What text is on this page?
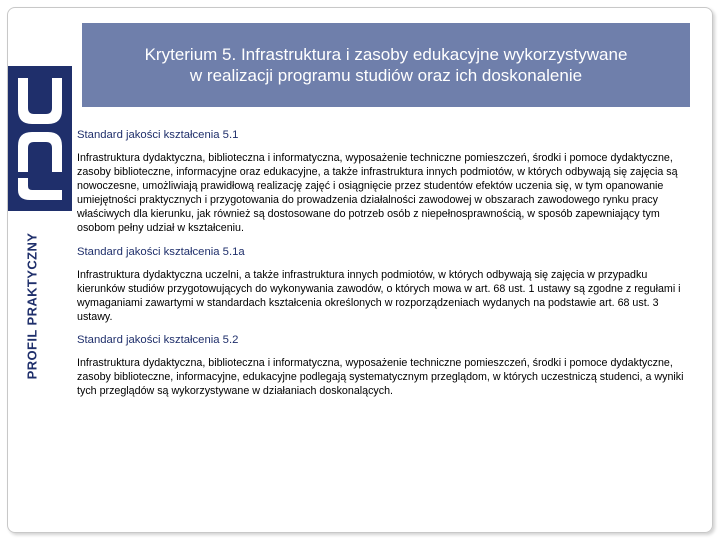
PROFIL PRAKTYCZNY
Kryterium 5. Infrastruktura i zasoby edukacyjne wykorzystywane
w realizacji programu studiów oraz ich doskonalenie
Standard jakości kształcenia 5.1
Infrastruktura dydaktyczna, biblioteczna i informatyczna, wyposażenie techniczne pomieszczeń, środki i pomoce dydaktyczne, zasoby biblioteczne, informacyjne oraz edukacyjne, a także infrastruktura innych podmiotów, w których odbywają się zajęcia są nowoczesne, umożliwiają prawidłową realizację zajęć i osiągnięcie przez studentów efektów uczenia się, w tym opanowanie umiejętności praktycznych i przygotowania do prowadzenia działalności zawodowej w obszarach zawodowego rynku pracy właściwych dla kierunku, jak również są dostosowane do potrzeb osób z niepełnosprawnością, w sposób zapewniający tym osobom pełny udział w kształceniu.
Standard jakości kształcenia 5.1a
Infrastruktura dydaktyczna uczelni, a także infrastruktura innych podmiotów, w których odbywają się zajęcia w przypadku kierunków studiów przygotowujących do wykonywania zawodów, o których mowa w art. 68 ust. 1 ustawy są zgodne z regułami i wymaganiami zawartymi w standardach kształcenia określonych w rozporządzeniach wydanych na podstawie art. 68 ust. 3 ustawy.
Standard jakości kształcenia 5.2
Infrastruktura dydaktyczna, biblioteczna i informatyczna, wyposażenie techniczne pomieszczeń, środki i pomoce dydaktyczne, zasoby biblioteczne, informacyjne, edukacyjne podlegają systematycznym przeglądom, w których uczestniczą studenci, a wyniki tych przeglądów są wykorzystywane w działaniach doskonalących.
